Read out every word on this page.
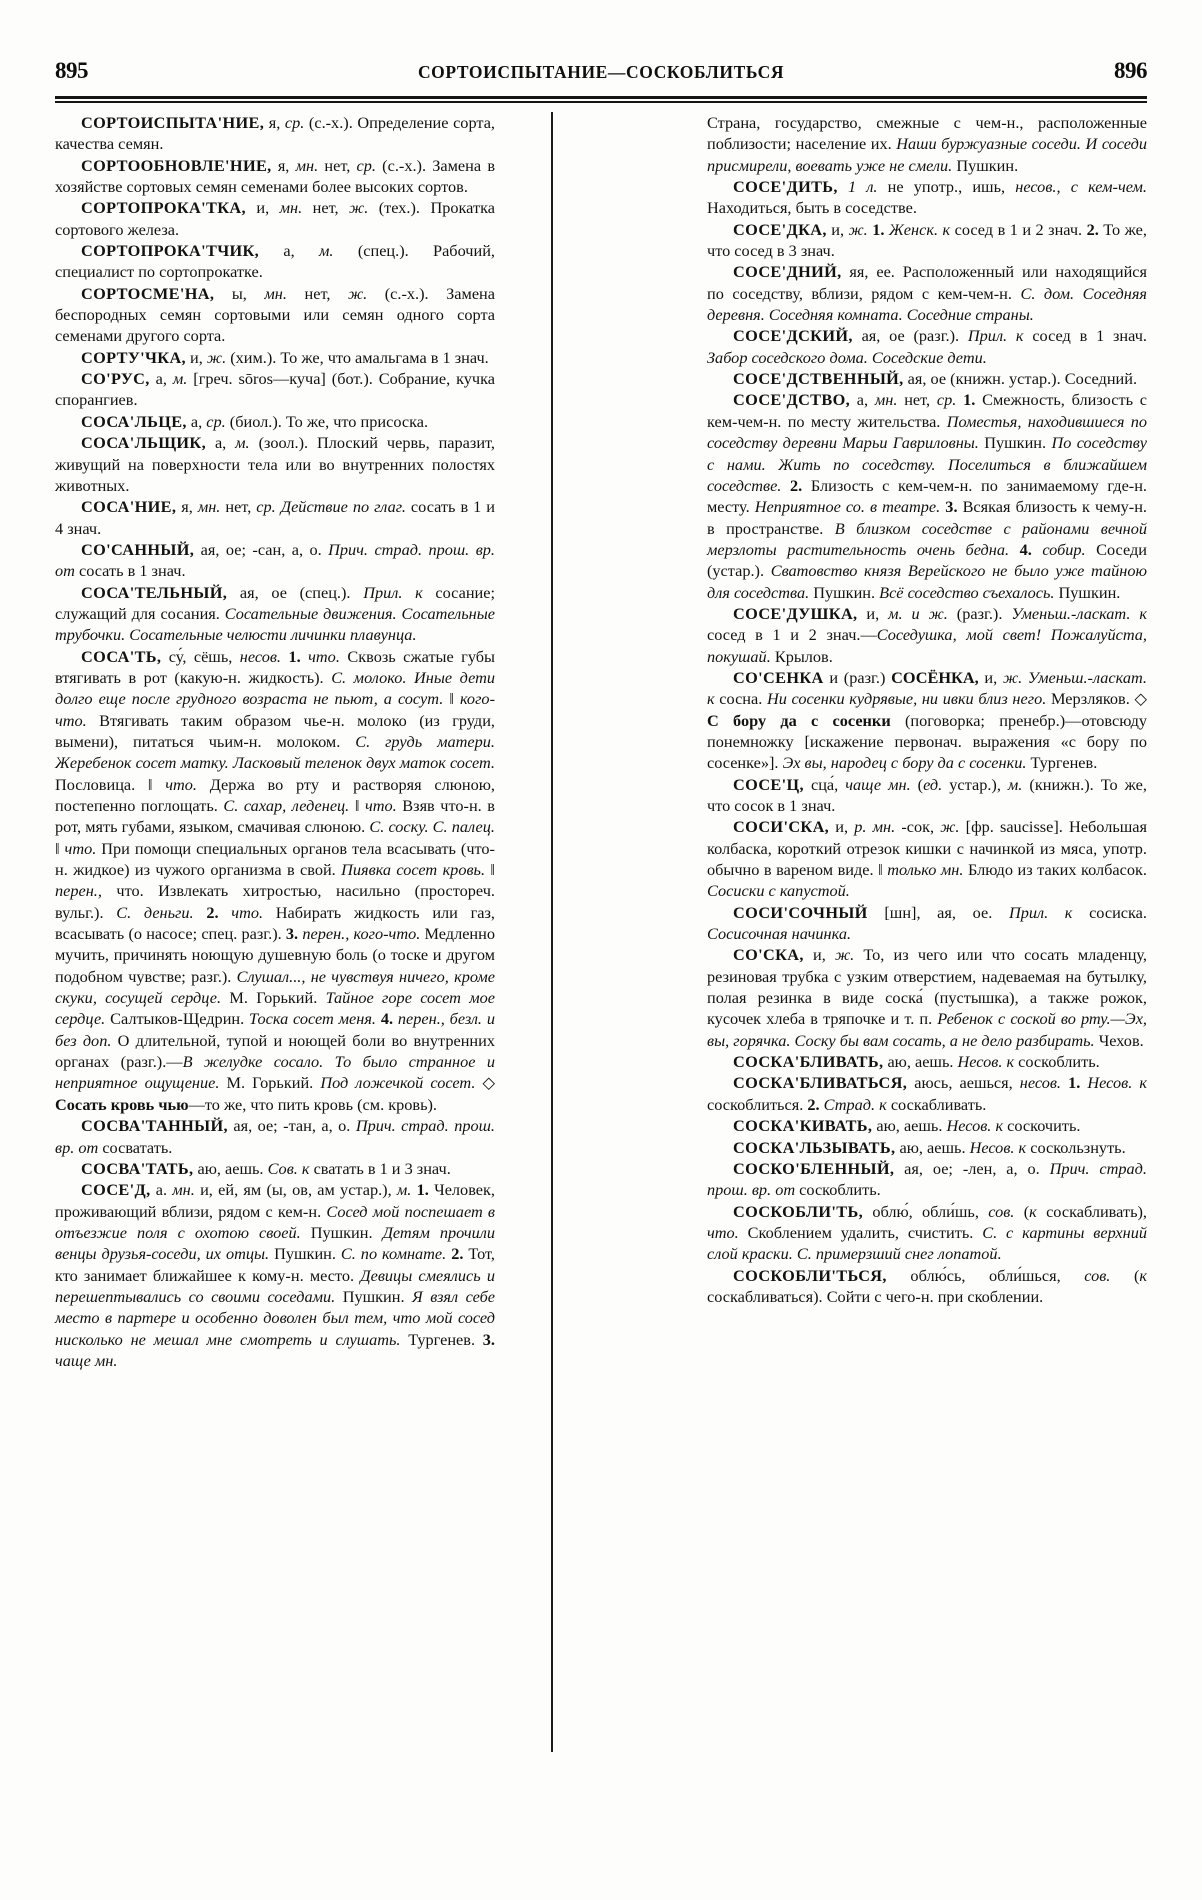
895	СОРТОИСПЫТАНИЕ—СОСКОБЛИТЬСЯ	896

СОРТОИСПЫТА'НИЕ, я, ср. (с.-х.). Определение сорта, качества семян.

СОРТООБНОВЛЕ'НИЕ, я, мн. нет, ср. (с.-х.). Замена в хозяйстве сортовых семян семенами более высоких сортов.

СОРТОПРОКА'ТКА, и, мн. нет, ж. (тех.). Прокатка сортового железа.

СОРТОПРОКА'ТЧИК, а, м. (спец.). Рабочий, специалист по сортопрокатке.

СОРТОСМЕ'НА, ы, мн. нет, ж. (с.-х.). Замена беспородных семян сортовыми или семян одного сорта семенами другого сорта.

СОРТУ'ЧКА, и, ж. (хим.). То же, что амальгама в 1 знач.

СО'РУС, а, м. [греч. sōros—куча] (бот.). Собрание, кучка спорангиев.

СОСА'ЛЬЦЕ, а, ср. (биол.). То же, что присоска.

СОСА'ЛЬЩИК, а, м. (зоол.). Плоский червь, паразит, живущий на поверхности тела или во внутренних полостях животных.

СОСА'НИЕ, я, мн. нет, ср. Действие по глаг. сосать в 1 и 4 знач.

СО'САННЫЙ, ая, ое; -сан, а, о. Прич. страд. прош. вр. от сосать в 1 знач.

СОСА'ТЕЛЬНЫЙ, ая, ое (спец.). Прил. к сосание; служащий для сосания. Сосательные движения. Сосательные трубочки. Сосательные челюсти личинки плавунца.

СОСА'ТЬ, су́, сёшь, несов. 1. что. Сквозь сжатые губы втягивать в рот (какую-н. жидкость). С. молоко. Иные дети долго еще после грудного возраста не пьют, а сосут. ‖ кого-что. Втягивать таким образом чье-н. молоко (из груди, вымени), питаться чьим-н. молоком. С. грудь матери. Жеребенок сосет матку. Ласковый теленок двух маток сосет. Пословица. ‖ что. Держа во рту и растворяя слюною, постепенно поглощать. С. сахар, леденец. ‖ что. Взяв что-н. в рот, мять губами, языком, смачивая слюною. С. соску. С. палец. ‖ что. При помощи специальных органов тела всасывать (что-н. жидкое) из чужого организма в свой. Пиявка сосет кровь. ‖ перен., что. Извлекать хитростью, насильно (простореч. вульг.). С. деньги. 2. что. Набирать жидкость или газ, всасывать (о насосе; спец. разг.). 3. перен., кого-что. Медленно мучить, причинять ноющую душевную боль (о тоске и другом подобном чувстве; разг.). Слушал..., не чувствуя ничего, кроме скуки, сосущей сердце. М. Горький. Тайное горе сосет мое сердце. Салтыков-Щедрин. Тоска сосет меня. 4. перен., безл. и без доп. О длительной, тупой и ноющей боли во внутренних органах (разг.).—В желудке сосало. То было странное и неприятное ощущение. М. Горький. Под ложечкой сосет. ◇ Сосать кровь чью—то же, что пить кровь (см. кровь).

СОСВА'ТАННЫЙ, ая, ое; -тан, а, о. Прич. страд. прош. вр. от сосватать.

СОСВА'ТАТЬ, аю, аешь. Сов. к сватать в 1 и 3 знач.

СОСЕ'Д, а. мн. и, ей, ям (ы, ов, ам устар.), м. 1. Человек, проживающий вблизи, рядом с кем-н. Сосед мой поспешает в отъезжие поля с охотою своей. Пушкин. Детям прочили венцы друзья-соседи, их отцы. Пушкин. С. по комнате. 2. Тот, кто занимает ближайшее к кому-н. место. Девицы смеялись и перешептывались со своими соседами. Пушкин. Я взял себе место в партере и особенно доволен был тем, что мой сосед нисколько не мешал мне смотреть и слушать. Тургенев. 3. чаще мн.

Страна, государство, смежные с чем-н., расположенные поблизости; население их. Наши буржуазные соседи. И соседи присмирели, воевать уже не смели. Пушкин.

СОСЕ'ДИТЬ, 1 л. не употр., ишь, несов., с кем-чем. Находиться, быть в соседстве.

СОСЕ'ДКА, и, ж. 1. Женск. к сосед в 1 и 2 знач. 2. То же, что сосед в 3 знач.

СОСЕ'ДНИЙ, яя, ее. Расположенный или находящийся по соседству, вблизи, рядом с кем-чем-н. С. дом. Соседняя деревня. Соседняя комната. Соседние страны.

СОСЕ'ДСКИЙ, ая, ое (разг.). Прил. к сосед в 1 знач. Забор соседского дома. Соседские дети.

СОСЕ'ДСТВЕННЫЙ, ая, ое (книжн. устар.). Соседний.

СОСЕ'ДСТВО, а, мн. нет, ср. 1. Смежность, близость с кем-чем-н. по месту жительства. Поместья, находившиеся по соседству деревни Марьи Гавриловны. Пушкин. По соседству с нами. Жить по соседству. Поселиться в ближайшем соседстве. 2. Близость с кем-чем-н. по занимаемому где-н. месту. Неприятное со. в театре. 3. Всякая близость к чему-н. в пространстве. В близком соседстве с районами вечной мерзлоты растительность очень бедна. 4. собир. Соседи (устар.). Сватовство князя Верейского не было уже тайною для соседства. Пушкин. Всё соседство съехалось. Пушкин.

СОСЕ'ДУШКА, и, м. и ж. (разг.). Уменьш.-ласкат. к сосед в 1 и 2 знач.—Соседушка, мой свет! Пожалуйста, покушай. Крылов.

СО'СЕНКА и (разг.) СОСЁНКА, и, ж. Уменьш.-ласкат. к сосна. Ни сосенки кудрявые, ни ивки близ него. Мерзляков. ◇ С бору да с сосенки (поговорка; пренебр.)—отовсюду понемножку [искажение первонач. выражения «с бору по сосенке»]. Эх вы, народец с бору да с сосенки. Тургенев.

СОСЕ'Ц, сца́, чаще мн. (ед. устар.), м. (книжн.). То же, что сосок в 1 знач.

СОСИ'СКА, и, р. мн. -сок, ж. [фр. saucisse]. Небольшая колбаска, короткий отрезок кишки с начинкой из мяса, употр. обычно в вареном виде. ‖ только мн. Блюдо из таких колбасок. Сосиски с капустой.

СОСИ'СОЧНЫЙ [шн], ая, ое. Прил. к сосиска. Сосисочная начинка.

СО'СКА, и, ж. То, из чего или что сосать младенцу, резиновая трубка с узким отверстием, надеваемая на бутылку, полая резинка в виде соска́ (пустышка), а также рожок, кусочек хлеба в тряпочке и т. п. Ребенок с соской во рту.—Эх, вы, горячка. Соску бы вам сосать, а не дело разбирать. Чехов.

СОСКА'БЛИВАТЬ, аю, аешь. Несов. к соскоблить.

СОСКА'БЛИВАТЬСЯ, аюсь, аешься, несов. 1. Несов. к соскоблиться. 2. Страд. к соскабливать.

СОСКА'КИВАТЬ, аю, аешь. Несов. к соскочить.

СОСКА'ЛЬЗЫВАТЬ, аю, аешь. Несов. к соскользнуть.

СОСКО'БЛЕННЫЙ, ая, ое; -лен, а, о. Прич. страд. прош. вр. от соскоблить.

СОСКОБЛИ'ТЬ, облю́, обли́шь, сов. (к соскабливать), что. Скоблением удалить, счистить. С. с картины верхний слой краски. С. примерзший снег лопатой.

СОСКОБЛИ'ТЬСЯ, облю́сь, обли́шься, сов. (к соскабливаться). Сойти с чего-н. при скоблении.
